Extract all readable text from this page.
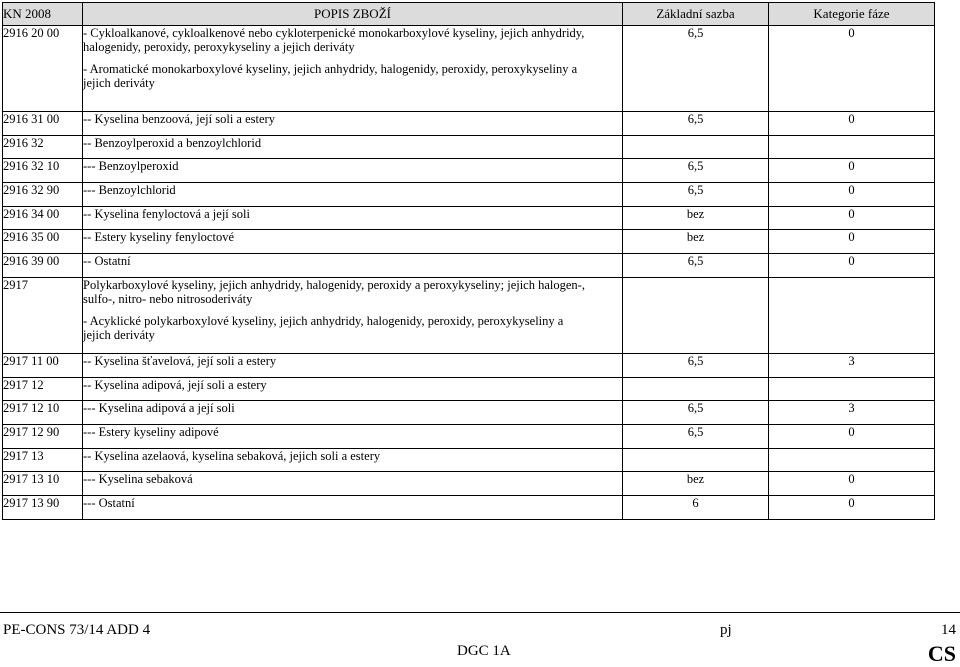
KN 2008	POPIS ZBOŽÍ	Základní sazba	Kategorie fáze
2916 20 00	- Cykloalkanové, cykloalkenové nebo cykloterpenické monokarboxylové kyseliny, jejich anhydridy,
halogenidy, peroxidy, peroxykyseliny a jejich deriváty
- Aromatické monokarboxylové kyseliny, jejich anhydridy, halogenidy, peroxidy, peroxykyseliny a
jejich deriváty	6,5	0
2916 31 00	-- Kyselina benzoová, její soli a estery	6,5	0
2916 32	-- Benzoylperoxid a benzoylchlorid		

2916 32 10	--- Benzoylperoxid	6,5	0
2916 32 90	--- Benzoylchlorid	6,5	0
2916 34 00	-- Kyselina fenyloctová a její soli	bez	0
2916 35 00	-- Estery kyseliny fenyloctové	bez	0
2916 39 00	-- Ostatní	6,5	0
2917	Polykarboxylové kyseliny, jejich anhydridy, halogenidy, peroxidy a peroxykyseliny; jejich halogen-,
sulfo-, nitro- nebo nitrosoderiváty
- Acyklické polykarboxylové kyseliny, jejich anhydridy, halogenidy, peroxidy, peroxykyseliny a
jejich deriváty		

2917 11 00	-- Kyselina šťavelová, její soli a estery	6,5	3
2917 12	-- Kyselina adipová, její soli a estery		

2917 12 10	--- Kyselina adipová a její soli	6,5	3
2917 12 90	--- Estery kyseliny adipové	6,5	0
2917 13	-- Kyselina azelaová, kyselina sebaková, jejich soli a estery		

2917 13 10	--- Kyselina sebaková	bez	0
2917 13 90	--- Ostatní	6	0
PE-CONS 73/14 ADD 4	pj	14
DGC 1A	CS
